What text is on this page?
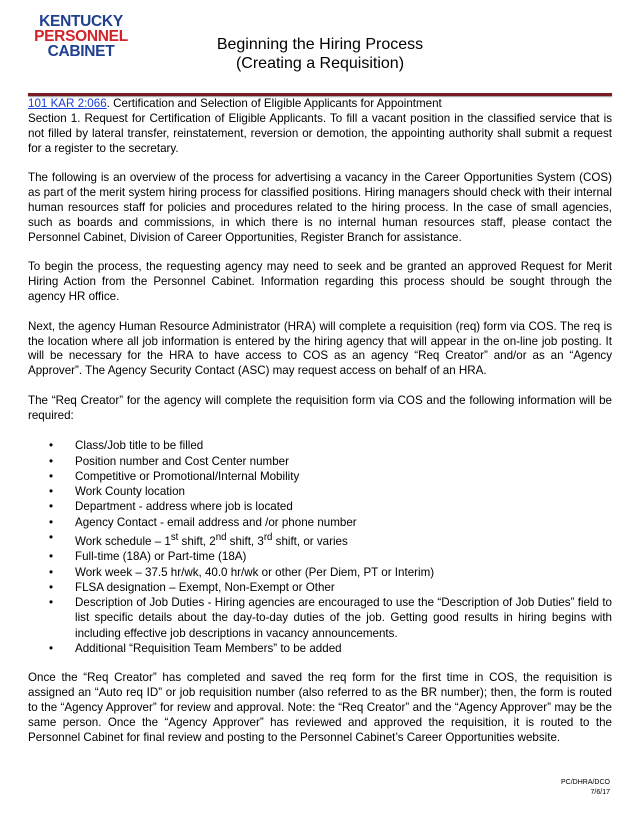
KENTUCKY
PERSONNEL
CABINET	Beginning the Hiring Process
(Creating a Requisition)

101 KAR 2:066. Certification and Selection of Eligible Applicants for Appointment
Section 1. Request for Certification of Eligible Applicants. To fill a vacant position in the classified service that is not filled by lateral transfer, reinstatement, reversion or demotion, the appointing authority shall submit a request for a register to the secretary.

The following is an overview of the process for advertising a vacancy in the Career Opportunities System (COS) as part of the merit system hiring process for classified positions. Hiring managers should check with their internal human resources staff for policies and procedures related to the hiring process. In the case of small agencies, such as boards and commissions, in which there is no internal human resources staff, please contact the Personnel Cabinet, Division of Career Opportunities, Register Branch for assistance.

To begin the process, the requesting agency may need to seek and be granted an approved Request for Merit Hiring Action from the Personnel Cabinet. Information regarding this process should be sought through the agency HR office.

Next, the agency Human Resource Administrator (HRA) will complete a requisition (req) form via COS. The req is the location where all job information is entered by the hiring agency that will appear in the on-line job posting. It will be necessary for the HRA to have access to COS as an agency “Req Creator” and/or as an “Agency Approver”. The Agency Security Contact (ASC) may request access on behalf of an HRA.

The “Req Creator” for the agency will complete the requisition form via COS and the following information will be required:

• Class/Job title to be filled
• Position number and Cost Center number
• Competitive or Promotional/Internal Mobility
• Work County location
• Department - address where job is located
• Agency Contact - email address and /or phone number
• Work schedule – 1st shift, 2nd shift, 3rd shift, or varies
• Full-time (18A) or Part-time (18A)
• Work week – 37.5 hr/wk, 40.0 hr/wk or other (Per Diem, PT or Interim)
• FLSA designation – Exempt, Non-Exempt or Other
• Description of Job Duties - Hiring agencies are encouraged to use the “Description of Job Duties” field to list specific details about the day-to-day duties of the job. Getting good results in hiring begins with including effective job descriptions in vacancy announcements.
• Additional “Requisition Team Members” to be added

Once the “Req Creator” has completed and saved the req form for the first time in COS, the requisition is assigned an “Auto req ID” or job requisition number (also referred to as the BR number); then, the form is routed to the “Agency Approver” for review and approval. Note: the “Req Creator” and the “Agency Approver” may be the same person. Once the “Agency Approver” has reviewed and approved the requisition, it is routed to the Personnel Cabinet for final review and posting to the Personnel Cabinet’s Career Opportunities website.

PC/DHRA/DCO
7/6/17
